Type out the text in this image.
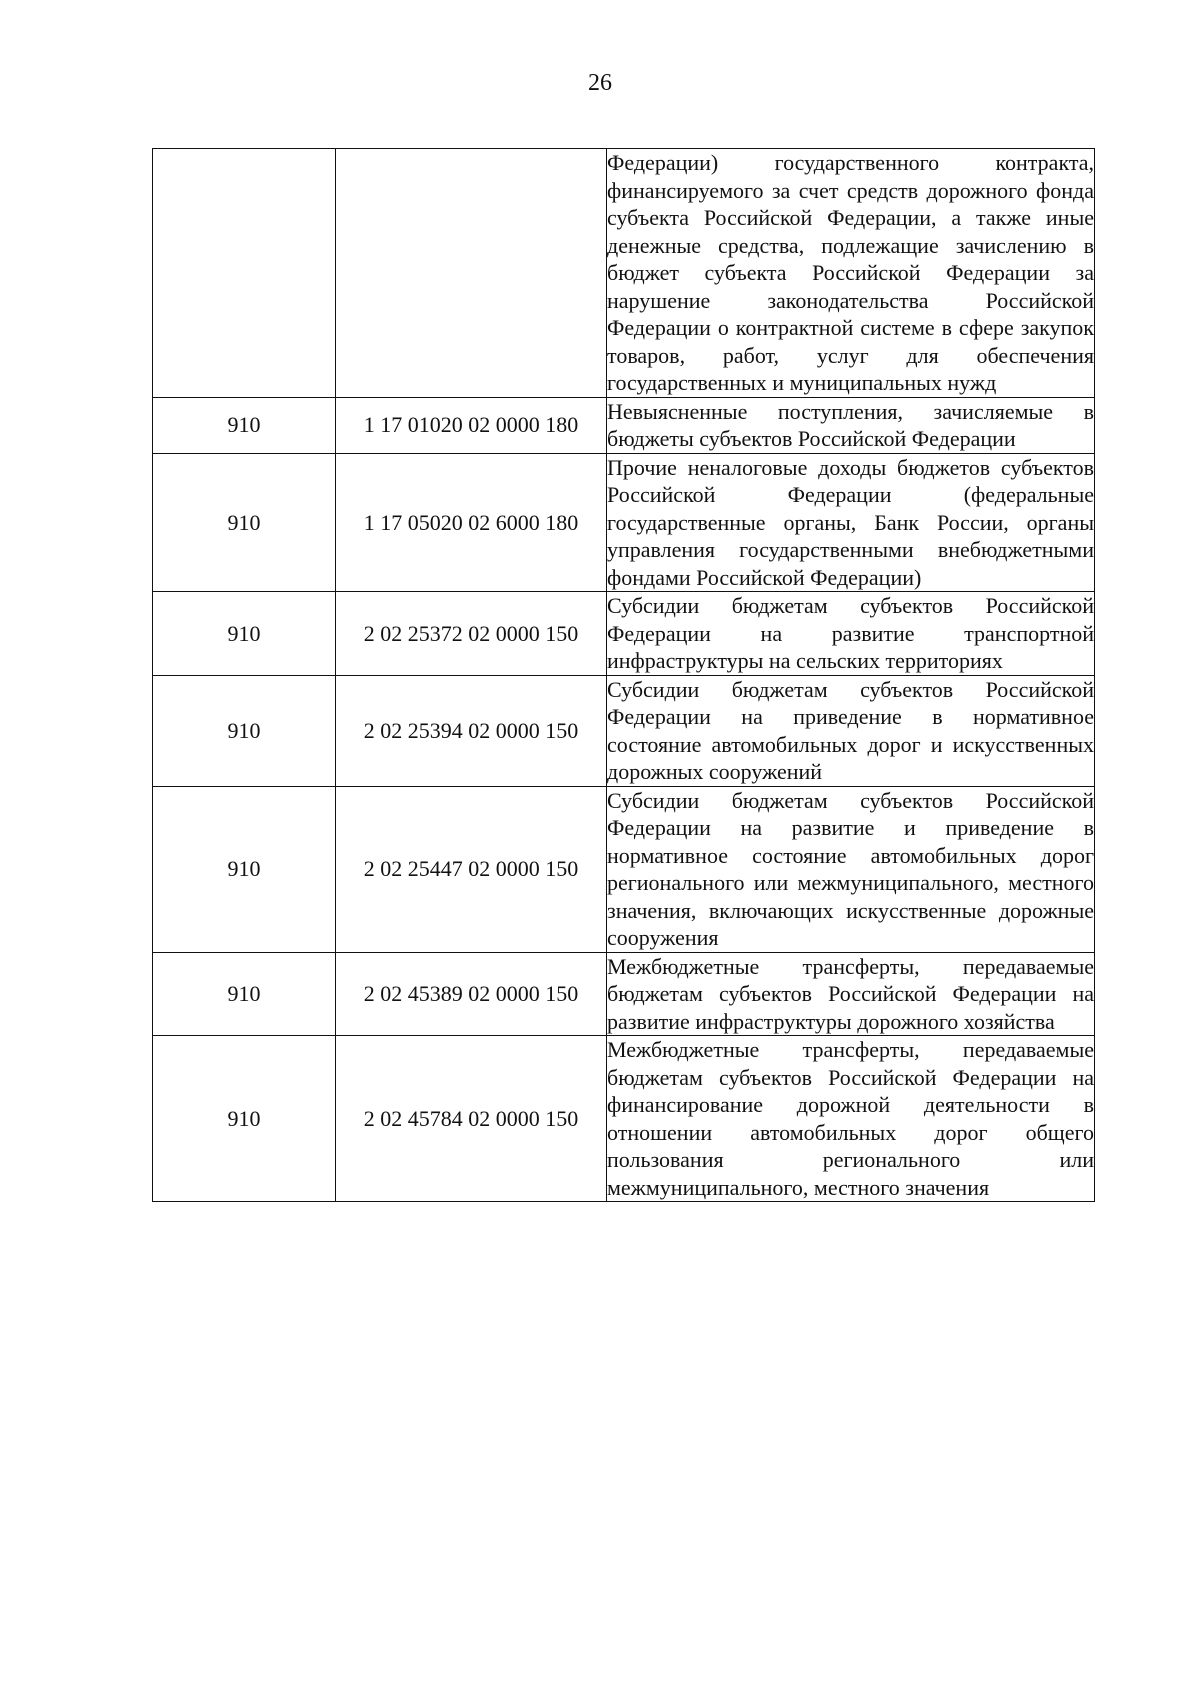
26

		Федерации) государственного контракта, финансируемого за счет средств дорожного фонда субъекта Российской Федерации, а также иные денежные средства, подлежащие зачислению в бюджет субъекта Российской Федерации за нарушение законодательства Российской Федерации о контрактной системе в сфере закупок товаров, работ, услуг для обеспечения государственных и муниципальных нужд

910	1 17 01020 02 0000 180	Невыясненные поступления, зачисляемые в бюджеты субъектов Российской Федерации

910	1 17 05020 02 6000 180	Прочие неналоговые доходы бюджетов субъектов Российской Федерации (федеральные государственные органы, Банк России, органы управления государственными внебюджетными фондами Российской Федерации)

910	2 02 25372 02 0000 150	Субсидии бюджетам субъектов Российской Федерации на развитие транспортной инфраструктуры на сельских территориях

910	2 02 25394 02 0000 150	Субсидии бюджетам субъектов Российской Федерации на приведение в нормативное состояние автомобильных дорог и искусственных дорожных сооружений

910	2 02 25447 02 0000 150	Субсидии бюджетам субъектов Российской Федерации на развитие и приведение в нормативное состояние автомобильных дорог регионального или межмуниципального, местного значения, включающих искусственные дорожные сооружения

910	2 02 45389 02 0000 150	Межбюджетные трансферты, передаваемые бюджетам субъектов Российской Федерации на развитие инфраструктуры дорожного хозяйства

910	2 02 45784 02 0000 150	Межбюджетные трансферты, передаваемые бюджетам субъектов Российской Федерации на финансирование дорожной деятельности в отношении автомобильных дорог общего пользования регионального или межмуниципального, местного значения
